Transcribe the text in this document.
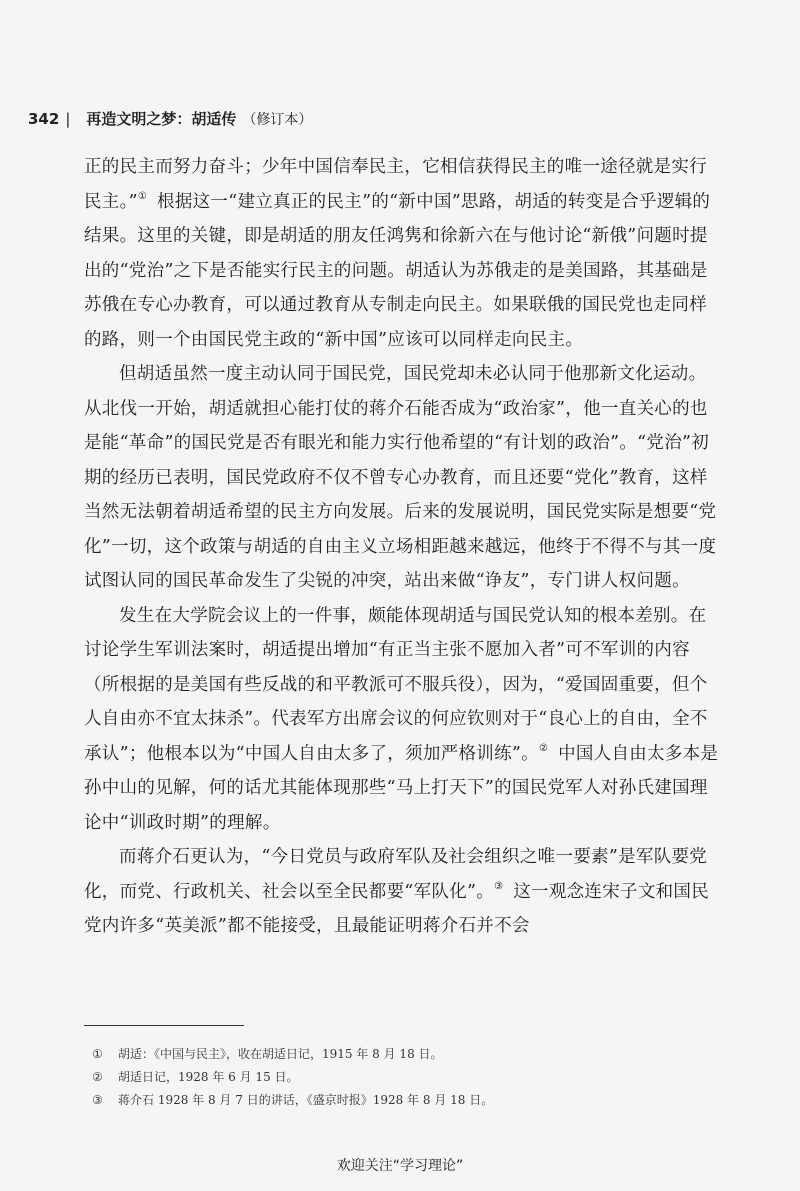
342 | 再造文明之梦：胡适传 （修订本）

正的民主而努力奋斗；少年中国信奉民主，它相信获得民主的唯一途径就是实行民主。”① 根据这一“建立真正的民主”的“新中国”思路，胡适的转变是合乎逻辑的结果。这里的关键，即是胡适的朋友任鸿隽和徐新六在与他讨论“新俄”问题时提出的“党治”之下是否能实行民主的问题。胡适认为苏俄走的是美国路，其基础是苏俄在专心办教育，可以通过教育从专制走向民主。如果联俄的国民党也走同样的路，则一个由国民党主政的“新中国”应该可以同样走向民主。

但胡适虽然一度主动认同于国民党，国民党却未必认同于他那新文化运动。从北伐一开始，胡适就担心能打仗的蒋介石能否成为“政治家”，他一直关心的也是能“革命”的国民党是否有眼光和能力实行他希望的“有计划的政治”。“党治”初期的经历已表明，国民党政府不仅不曾专心办教育，而且还要“党化”教育，这样当然无法朝着胡适希望的民主方向发展。后来的发展说明，国民党实际是想要“党化”一切，这个政策与胡适的自由主义立场相距越来越远，他终于不得不与其一度试图认同的国民革命发生了尖锐的冲突，站出来做“诤友”，专门讲人权问题。

发生在大学院会议上的一件事，颇能体现胡适与国民党认知的根本差别。在讨论学生军训法案时，胡适提出增加“有正当主张不愿加入者”可不军训的内容（所根据的是美国有些反战的和平教派可不服兵役），因为，“爱国固重要，但个人自由亦不宜太抹杀”。代表军方出席会议的何应钦则对于“良心上的自由，全不承认”；他根本以为“中国人自由太多了，须加严格训练”。② 中国人自由太多本是孙中山的见解，何的话尤其能体现那些“马上打天下”的国民党军人对孙氏建国理论中“训政时期”的理解。

而蒋介石更认为，“今日党员与政府军队及社会组织之唯一要素”是军队要党化，而党、行政机关、社会以至全民都要“军队化”。③ 这一观念连宋子文和国民党内许多“英美派”都不能接受，且最能证明蒋介石并不会

①	胡适：《中国与民主》，收在胡适日记，1915 年 8 月 18 日。
②	胡适日记，1928 年 6 月 15 日。
③	蒋介石 1928 年 8 月 7 日的讲话，《盛京时报》1928 年 8 月 18 日。
欢迎关注“学习理论”
